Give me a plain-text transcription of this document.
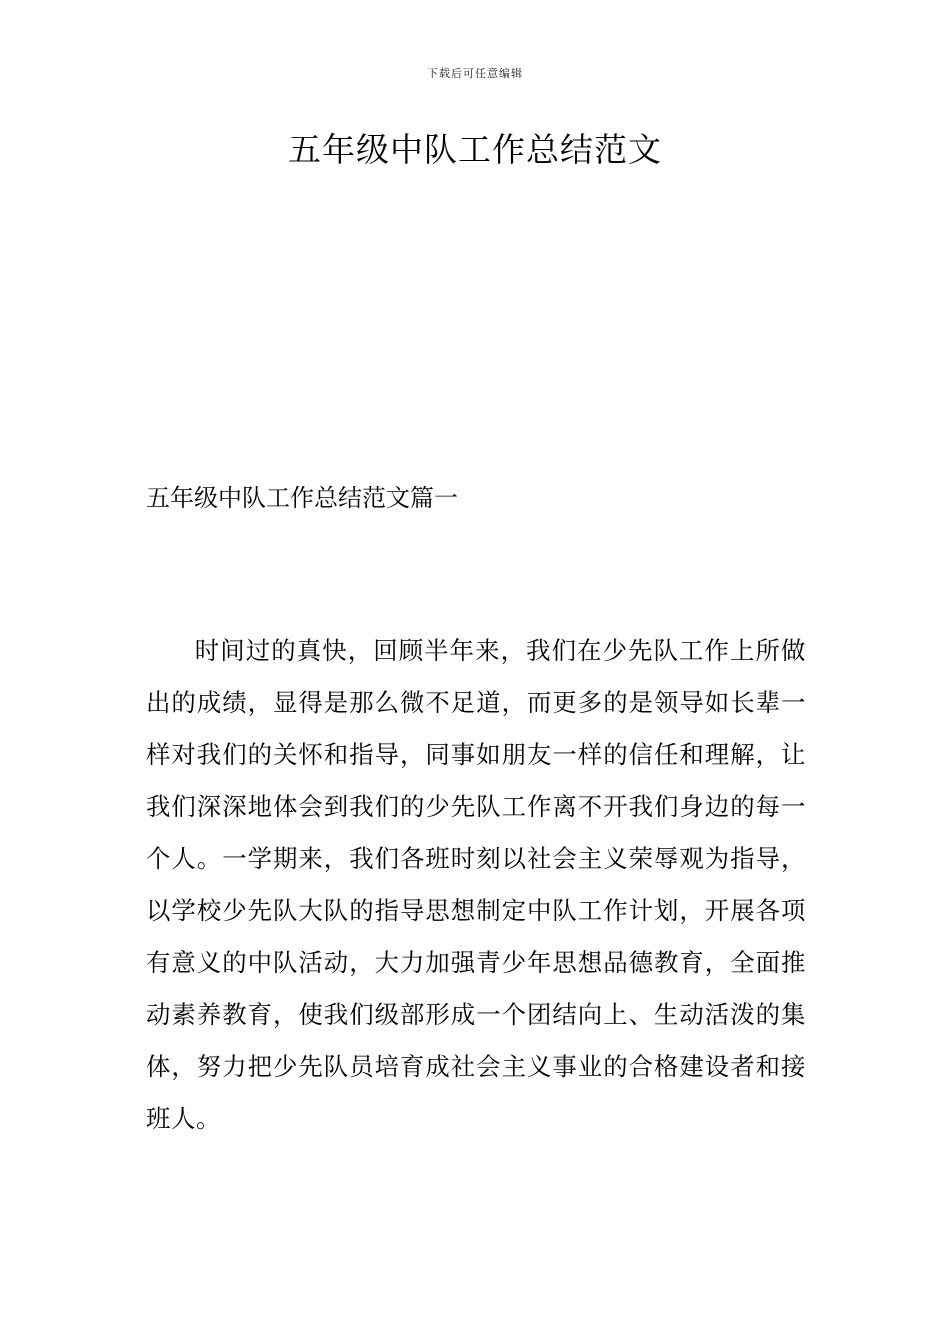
下载后可任意编辑
五年级中队工作总结范文
五年级中队工作总结范文篇一

时间过的真快，回顾半年来，我们在少先队工作上所做出的成绩，显得是那么微不足道，而更多的是领导如长辈一样对我们的关怀和指导，同事如朋友一样的信任和理解，让我们深深地体会到我们的少先队工作离不开我们身边的每一个人。一学期来，我们各班时刻以社会主义荣辱观为指导，以学校少先队大队的指导思想制定中队工作计划，开展各项有意义的中队活动，大力加强青少年思想品德教育，全面推动素养教育，使我们级部形成一个团结向上、生动活泼的集体，努力把少先队员培育成社会主义事业的合格建设者和接班人。
